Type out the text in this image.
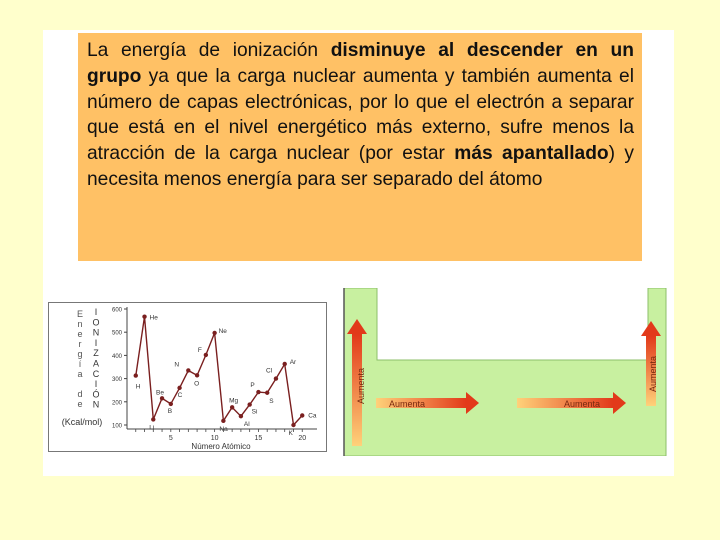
La energía de ionización disminuye al descender en un grupo ya que la carga nuclear aumenta y también aumenta el número de capas electrónicas, por lo que el electrón a separar que está en el nivel energético más externo, sufre menos la atracción de la carga nuclear (por estar más apantallado) y necesita menos energía para ser separado del átomo
E
n
e
r
g
í
a
d
e
I
O
N
I
Z
A
C
I
Ó
N
(Kcal/mol) 100
200
300
400
500
600
5	10	15	20
Número Atómico
H
He
Li
Be
B
C
N
O
F
Ne
Na
Mg
Al
Si
P
S
Cl
Ar
K
Ca
Aumenta	Aumenta
Aumenta	Aumenta
